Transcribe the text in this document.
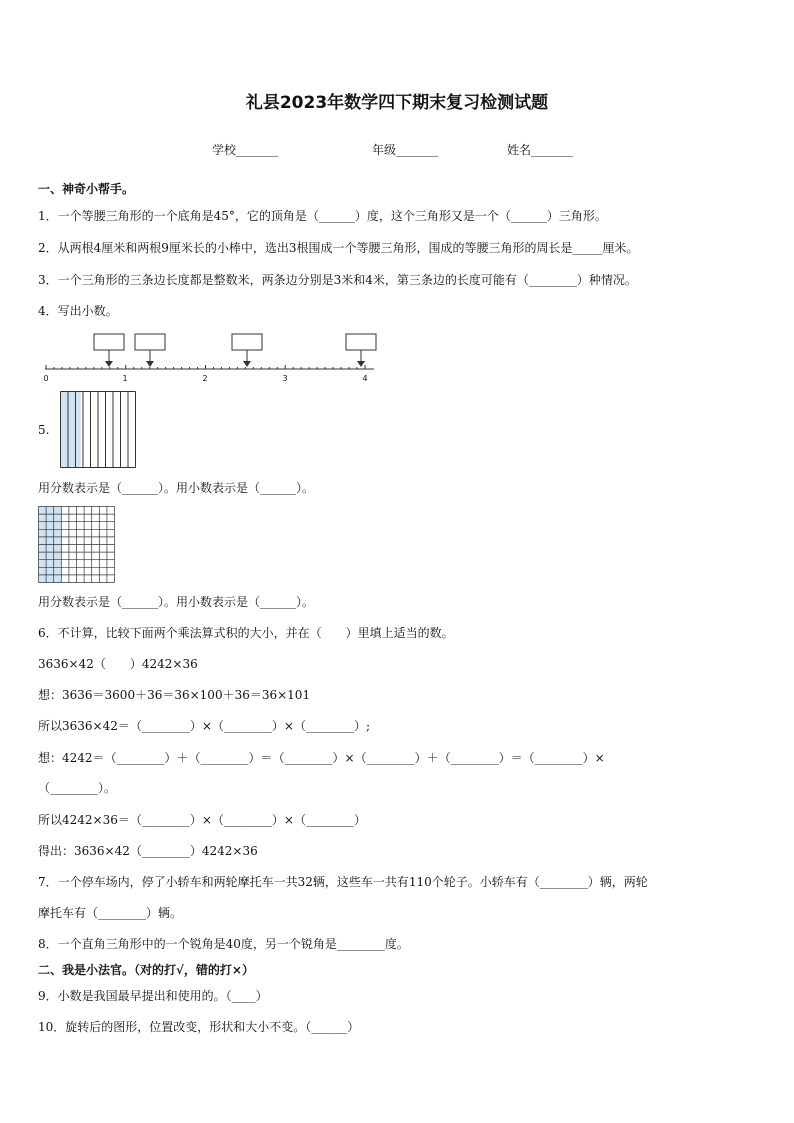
礼县2023年数学四下期末复习检测试题
学校_______	年级_______	姓名_______
一、神奇小帮手。
1．一个等腰三角形的一个底角是45°，它的顶角是（______）度，这个三角形又是一个（______）三角形。
2．从两根4厘米和两根9厘米长的小棒中，选出3根围成一个等腰三角形，围成的等腰三角形的周长是_____厘米。
3．一个三角形的三条边长度都是整数米，两条边分别是3米和4米，第三条边的长度可能有（________）种情况。
4．写出小数。
0	1	2	3	4
5.
用分数表示是（______）。用小数表示是（______）。
用分数表示是（______）。用小数表示是（______）。
6．不计算，比较下面两个乘法算式积的大小，并在（　　）里填上适当的数。
3636×42（　　）4242×36
想：3636＝3600＋36＝36×100＋36＝36×101
所以3636×42＝（________）×（________）×（________）;
想：4242＝（________）＋（________）＝（________）×（________）＋（________）＝（________）×
（________）。
所以4242×36＝（________）×（________）×（________）
得出：3636×42（________）4242×36
7．一个停车场内，停了小轿车和两轮摩托车一共32辆，这些车一共有110个轮子。小轿车有（________）辆，两轮
摩托车有（________）辆。
8．一个直角三角形中的一个锐角是40度，另一个锐角是________度。
二、我是小法官。（对的打√，错的打×）
9．小数是我国最早提出和使用的。（____）
10．旋转后的图形，位置改变，形状和大小不变。（______）
